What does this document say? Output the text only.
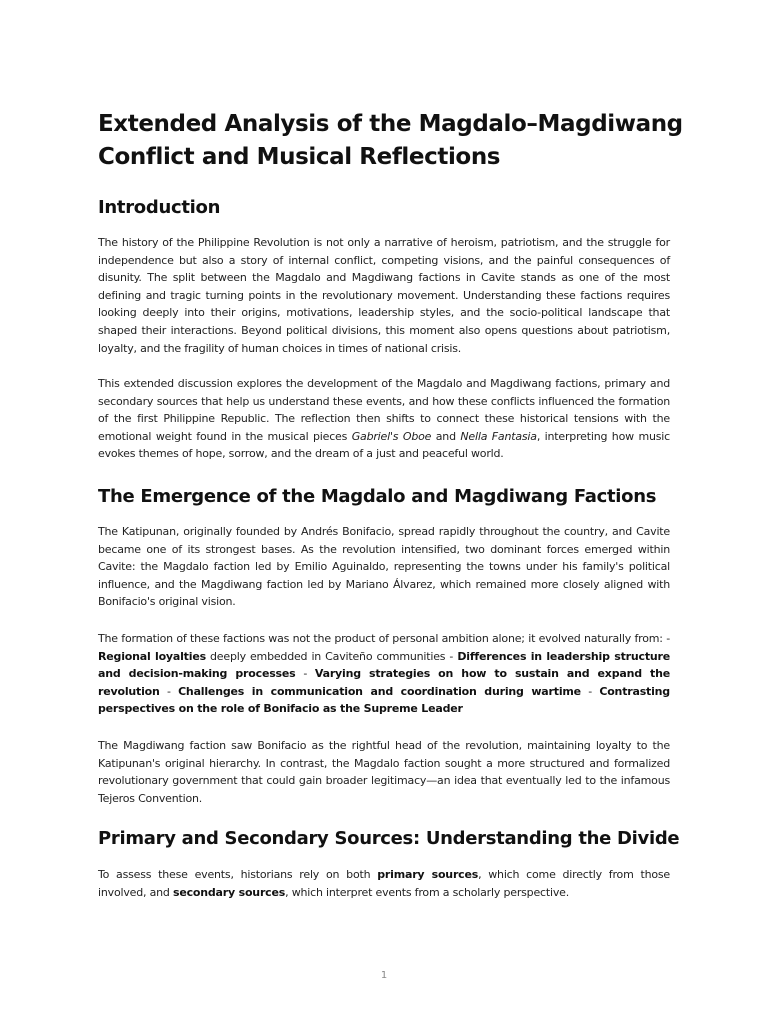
Extended Analysis of the Magdalo–Magdiwang Conflict and Musical Reflections
Introduction

The history of the Philippine Revolution is not only a narrative of heroism, patriotism, and the struggle for independence but also a story of internal conflict, competing visions, and the painful consequences of disunity. The split between the Magdalo and Magdiwang factions in Cavite stands as one of the most defining and tragic turning points in the revolutionary movement. Understanding these factions requires looking deeply into their origins, motivations, leadership styles, and the socio-political landscape that shaped their interactions. Beyond political divisions, this moment also opens questions about patriotism, loyalty, and the fragility of human choices in times of national crisis.

This extended discussion explores the development of the Magdalo and Magdiwang factions, primary and secondary sources that help us understand these events, and how these conflicts influenced the formation of the first Philippine Republic. The reflection then shifts to connect these historical tensions with the emotional weight found in the musical pieces Gabriel's Oboe and Nella Fantasia, interpreting how music evokes themes of hope, sorrow, and the dream of a just and peaceful world.

The Emergence of the Magdalo and Magdiwang Factions

The Katipunan, originally founded by Andrés Bonifacio, spread rapidly throughout the country, and Cavite became one of its strongest bases. As the revolution intensified, two dominant forces emerged within Cavite: the Magdalo faction led by Emilio Aguinaldo, representing the towns under his family's political influence, and the Magdiwang faction led by Mariano Álvarez, which remained more closely aligned with Bonifacio's original vision.

The formation of these factions was not the product of personal ambition alone; it evolved naturally from: - Regional loyalties deeply embedded in Caviteño communities - Differences in leadership structure and decision-making processes - Varying strategies on how to sustain and expand the revolution - Challenges in communication and coordination during wartime - Contrasting perspectives on the role of Bonifacio as the Supreme Leader

The Magdiwang faction saw Bonifacio as the rightful head of the revolution, maintaining loyalty to the Katipunan's original hierarchy. In contrast, the Magdalo faction sought a more structured and formalized revolutionary government that could gain broader legitimacy—an idea that eventually led to the infamous Tejeros Convention.

Primary and Secondary Sources: Understanding the Divide

To assess these events, historians rely on both primary sources, which come directly from those involved, and secondary sources, which interpret events from a scholarly perspective.

1
